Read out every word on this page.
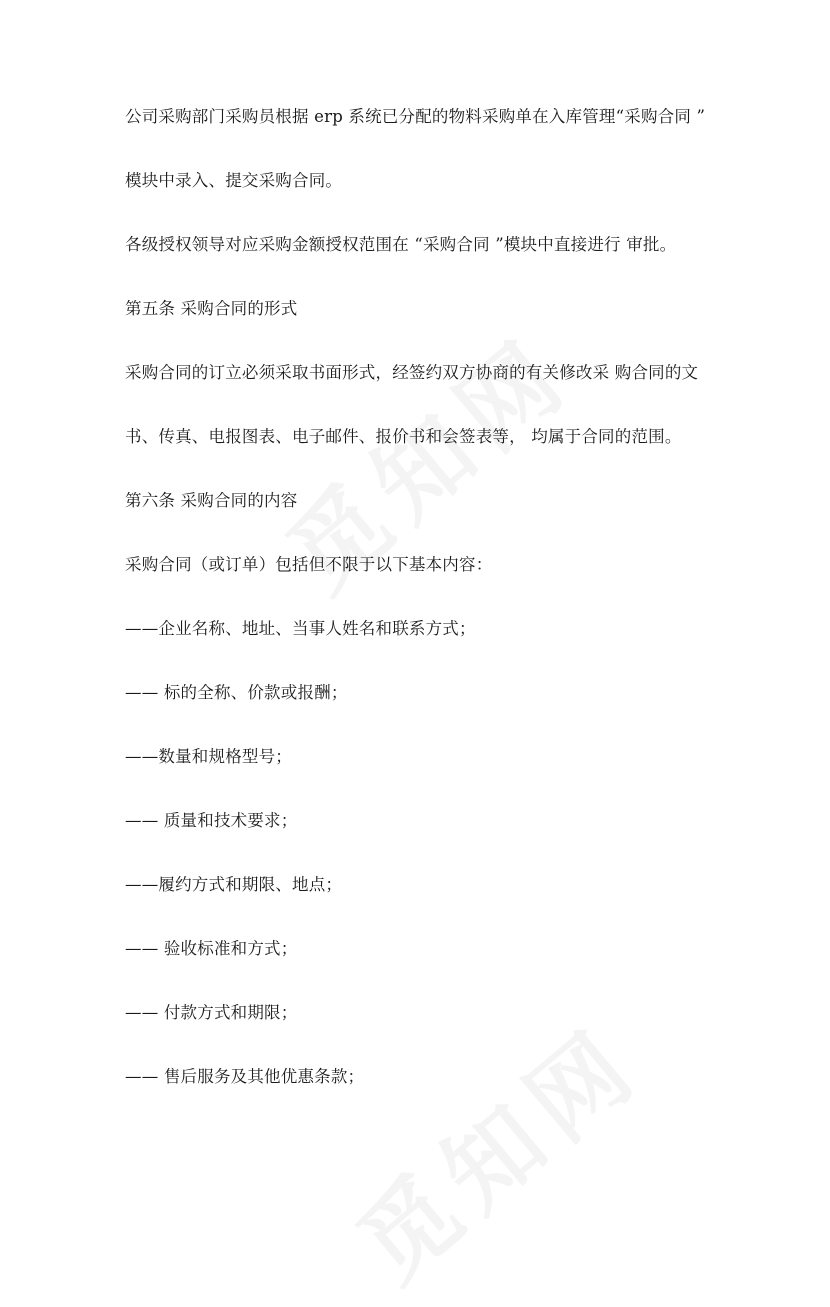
公司采购部门采购员根据 erp 系统已分配的物料采购单在入库管理“采购合同 ”
模块中录入、提交采购合同。
各级授权领导对应采购金额授权范围在 “采购合同 ”模块中直接进行 审批。
第五条 采购合同的形式
采购合同的订立必须采取书面形式，经签约双方协商的有关修改采 购合同的文
书、传真、电报图表、电子邮件、报价书和会签表等， 均属于合同的范围。
第六条 采购合同的内容
采购合同（或订单）包括但不限于以下基本内容：
——企业名称、地址、当事人姓名和联系方式；
—— 标的全称、价款或报酬；
——数量和规格型号；
—— 质量和技术要求；
——履约方式和期限、地点；
—— 验收标准和方式；
—— 付款方式和期限；
—— 售后服务及其他优惠条款；
